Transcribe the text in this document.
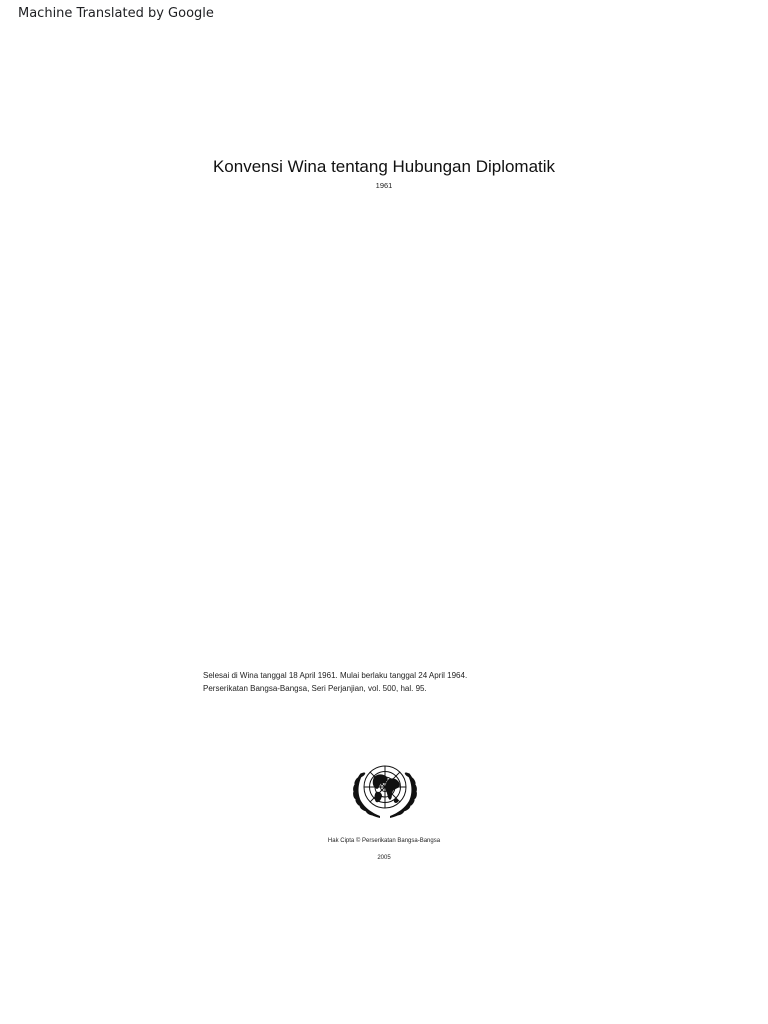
Machine Translated by Google
Konvensi Wina tentang Hubungan Diplomatik
1961
Selesai di Wina tanggal 18 April 1961. Mulai berlaku tanggal 24 April 1964.
Perserikatan Bangsa-Bangsa, Seri Perjanjian, vol. 500, hal. 95.
Hak Cipta © Perserikatan Bangsa-Bangsa
2005
